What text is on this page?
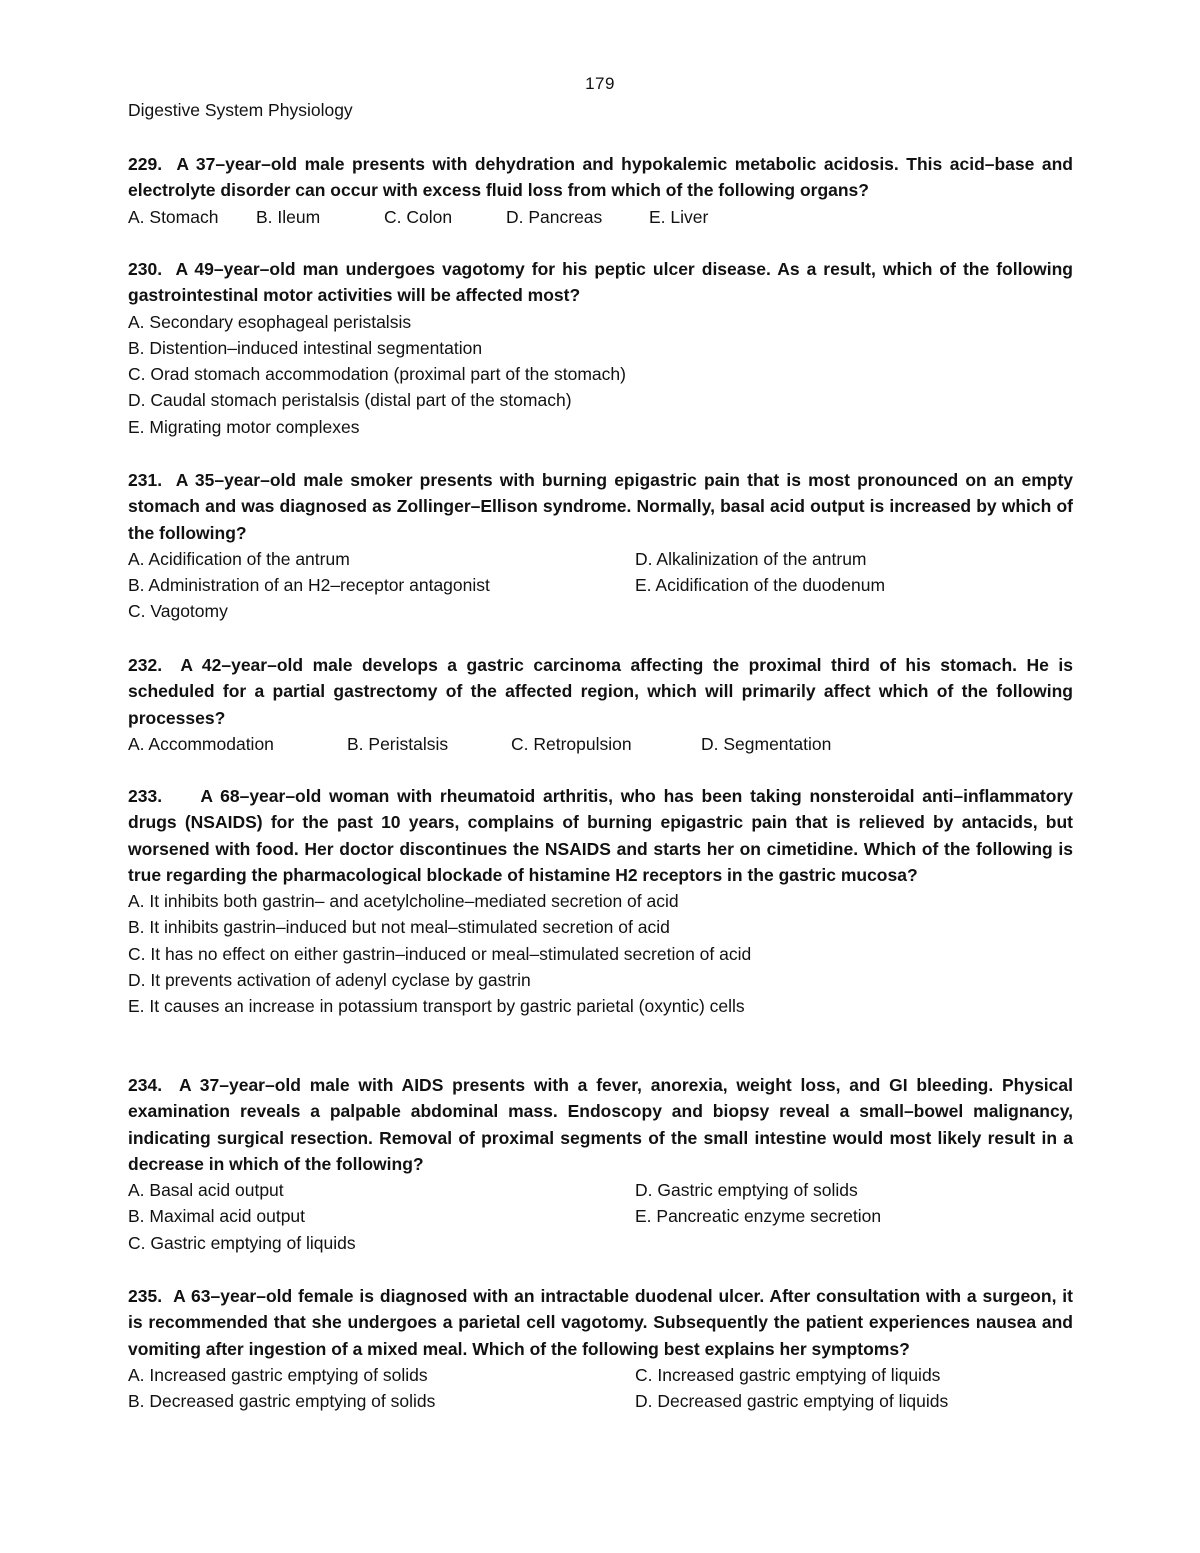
179
Digestive System Physiology

229. A 37–year–old male presents with dehydration and hypokalemic metabolic acidosis. This acid–base and electrolyte disorder can occur with excess fluid loss from which of the following organs?

A. Stomach	B. Ileum	C. Colon	D. Pancreas	E. Liver

230. A 49–year–old man undergoes vagotomy for his peptic ulcer disease. As a result, which of the following gastrointestinal motor activities will be affected most?

A. Secondary esophageal peristalsis
B. Distention–induced intestinal segmentation
C. Orad stomach accommodation (proximal part of the stomach)
D. Caudal stomach peristalsis (distal part of the stomach)
E. Migrating motor complexes

231. A 35–year–old male smoker presents with burning epigastric pain that is most pronounced on an empty stomach and was diagnosed as Zollinger–Ellison syndrome. Normally, basal acid output is increased by which of the following?

A. Acidification of the antrum
B. Administration of an H2–receptor antagonist
C. Vagotomy
D. Alkalinization of the antrum
E. Acidification of the duodenum

232. A 42–year–old male develops a gastric carcinoma affecting the proximal third of his stomach. He is scheduled for a partial gastrectomy of the affected region, which will primarily affect which of the following processes?

A. Accommodation	B. Peristalsis	C. Retropulsion	D. Segmentation

233. A 68–year–old woman with rheumatoid arthritis, who has been taking nonsteroidal anti–inflammatory drugs (NSAIDS) for the past 10 years, complains of burning epigastric pain that is relieved by antacids, but worsened with food. Her doctor discontinues the NSAIDS and starts her on cimetidine. Which of the following is true regarding the pharmacological blockade of histamine H2 receptors in the gastric mucosa?

A. It inhibits both gastrin– and acetylcholine–mediated secretion of acid
B. It inhibits gastrin–induced but not meal–stimulated secretion of acid
C. It has no effect on either gastrin–induced or meal–stimulated secretion of acid
D. It prevents activation of adenyl cyclase by gastrin
E. It causes an increase in potassium transport by gastric parietal (oxyntic) cells

234. A 37–year–old male with AIDS presents with a fever, anorexia, weight loss, and GI bleeding. Physical examination reveals a palpable abdominal mass. Endoscopy and biopsy reveal a small–bowel malignancy, indicating surgical resection. Removal of proximal segments of the small intestine would most likely result in a decrease in which of the following?

A. Basal acid output
B. Maximal acid output
C. Gastric emptying of liquids
D. Gastric emptying of solids
E. Pancreatic enzyme secretion

235. A 63–year–old female is diagnosed with an intractable duodenal ulcer. After consultation with a surgeon, it is recommended that she undergoes a parietal cell vagotomy. Subsequently the patient experiences nausea and vomiting after ingestion of a mixed meal. Which of the following best explains her symptoms?

A. Increased gastric emptying of solids
B. Decreased gastric emptying of solids
C. Increased gastric emptying of liquids
D. Decreased gastric emptying of liquids
